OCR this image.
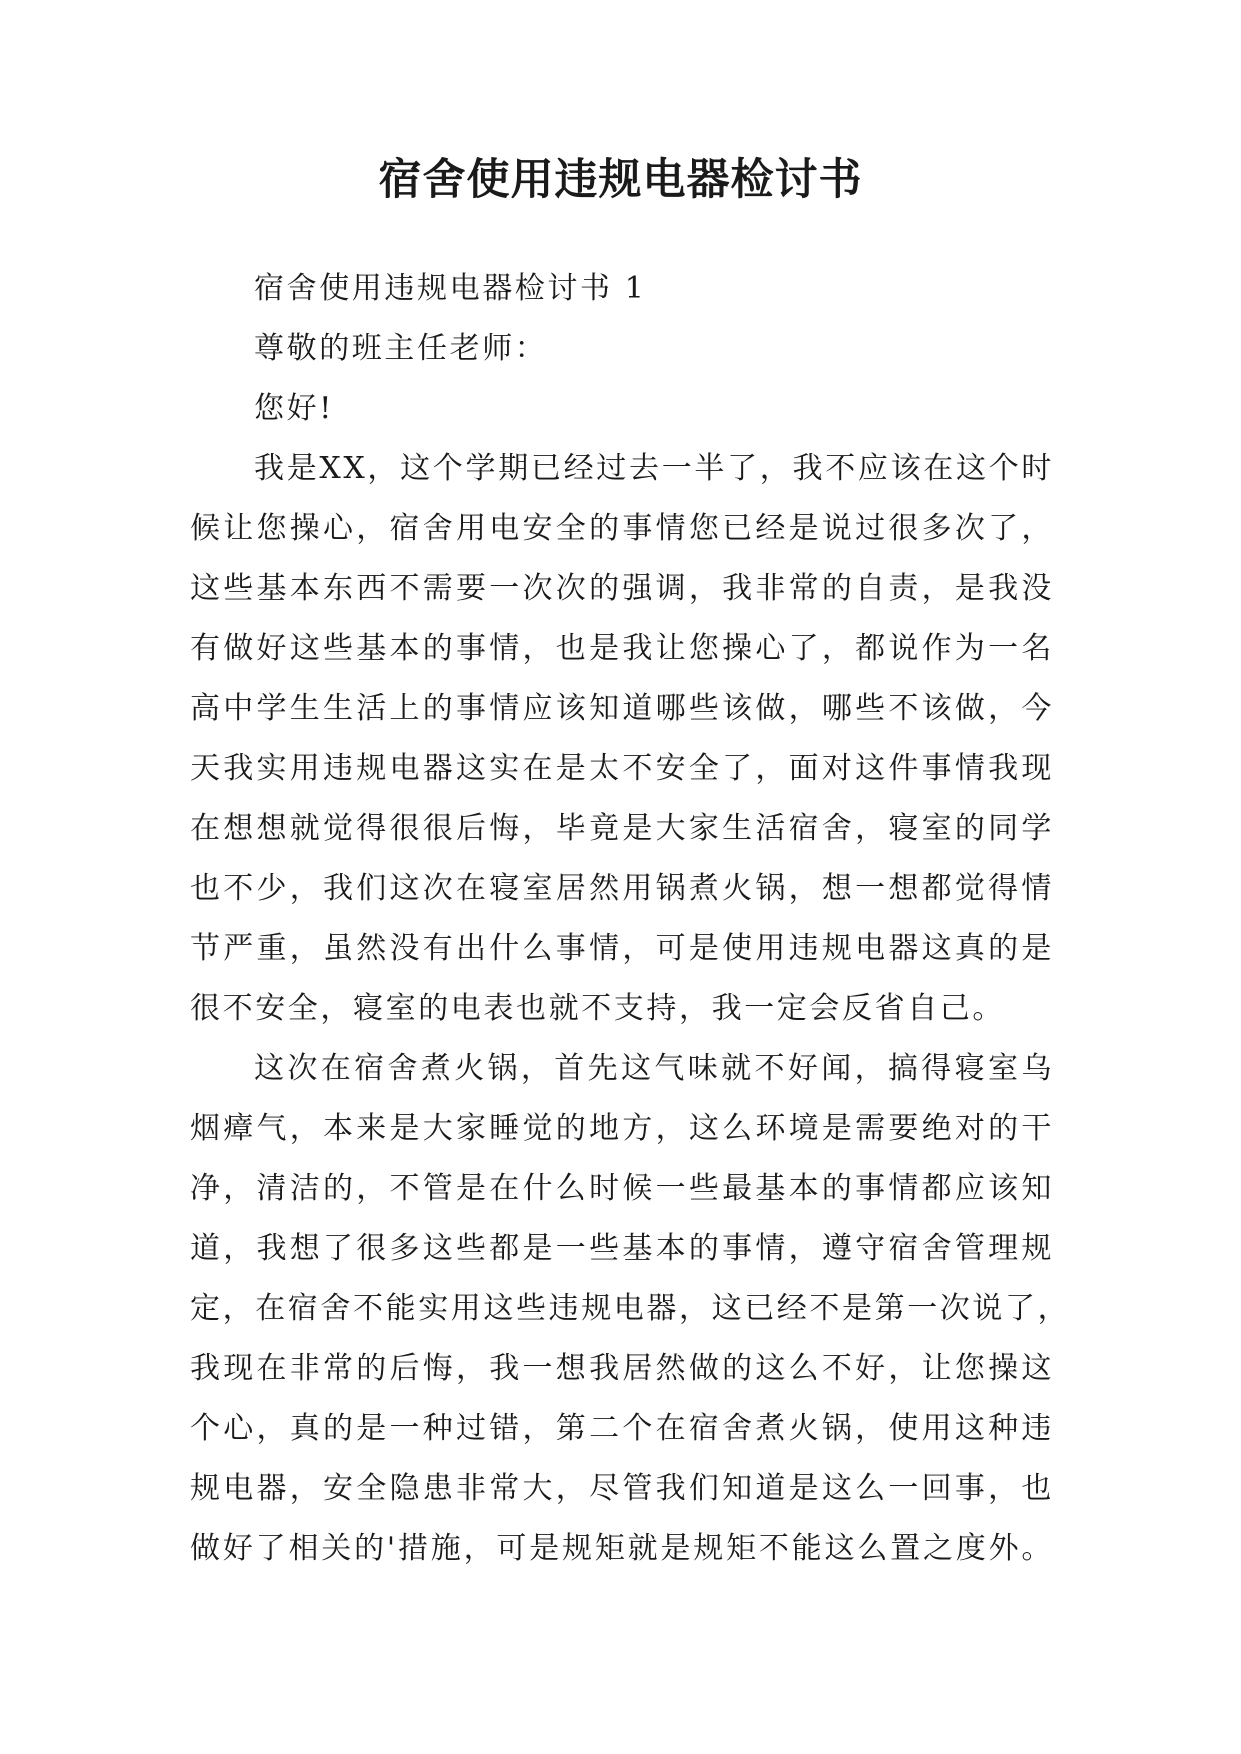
宿舍使用违规电器检讨书
宿舍使用违规电器检讨书 1
尊敬的班主任老师：
您好!
我是XX，这个学期已经过去一半了，我不应该在这个时
候让您操心，宿舍用电安全的事情您已经是说过很多次了，
这些基本东西不需要一次次的强调，我非常的自责，是我没
有做好这些基本的事情，也是我让您操心了，都说作为一名
高中学生生活上的事情应该知道哪些该做，哪些不该做，今
天我实用违规电器这实在是太不安全了，面对这件事情我现
在想想就觉得很很后悔，毕竟是大家生活宿舍，寝室的同学
也不少，我们这次在寝室居然用锅煮火锅，想一想都觉得情
节严重，虽然没有出什么事情，可是使用违规电器这真的是
很不安全，寝室的电表也就不支持，我一定会反省自己。
这次在宿舍煮火锅，首先这气味就不好闻，搞得寝室乌
烟瘴气，本来是大家睡觉的地方，这么环境是需要绝对的干
净，清洁的，不管是在什么时候一些最基本的事情都应该知
道，我想了很多这些都是一些基本的事情，遵守宿舍管理规
定，在宿舍不能实用这些违规电器，这已经不是第一次说了，
我现在非常的后悔，我一想我居然做的这么不好，让您操这
个心，真的是一种过错，第二个在宿舍煮火锅，使用这种违
规电器，安全隐患非常大，尽管我们知道是这么一回事，也
做好了相关的'措施，可是规矩就是规矩不能这么置之度外。
